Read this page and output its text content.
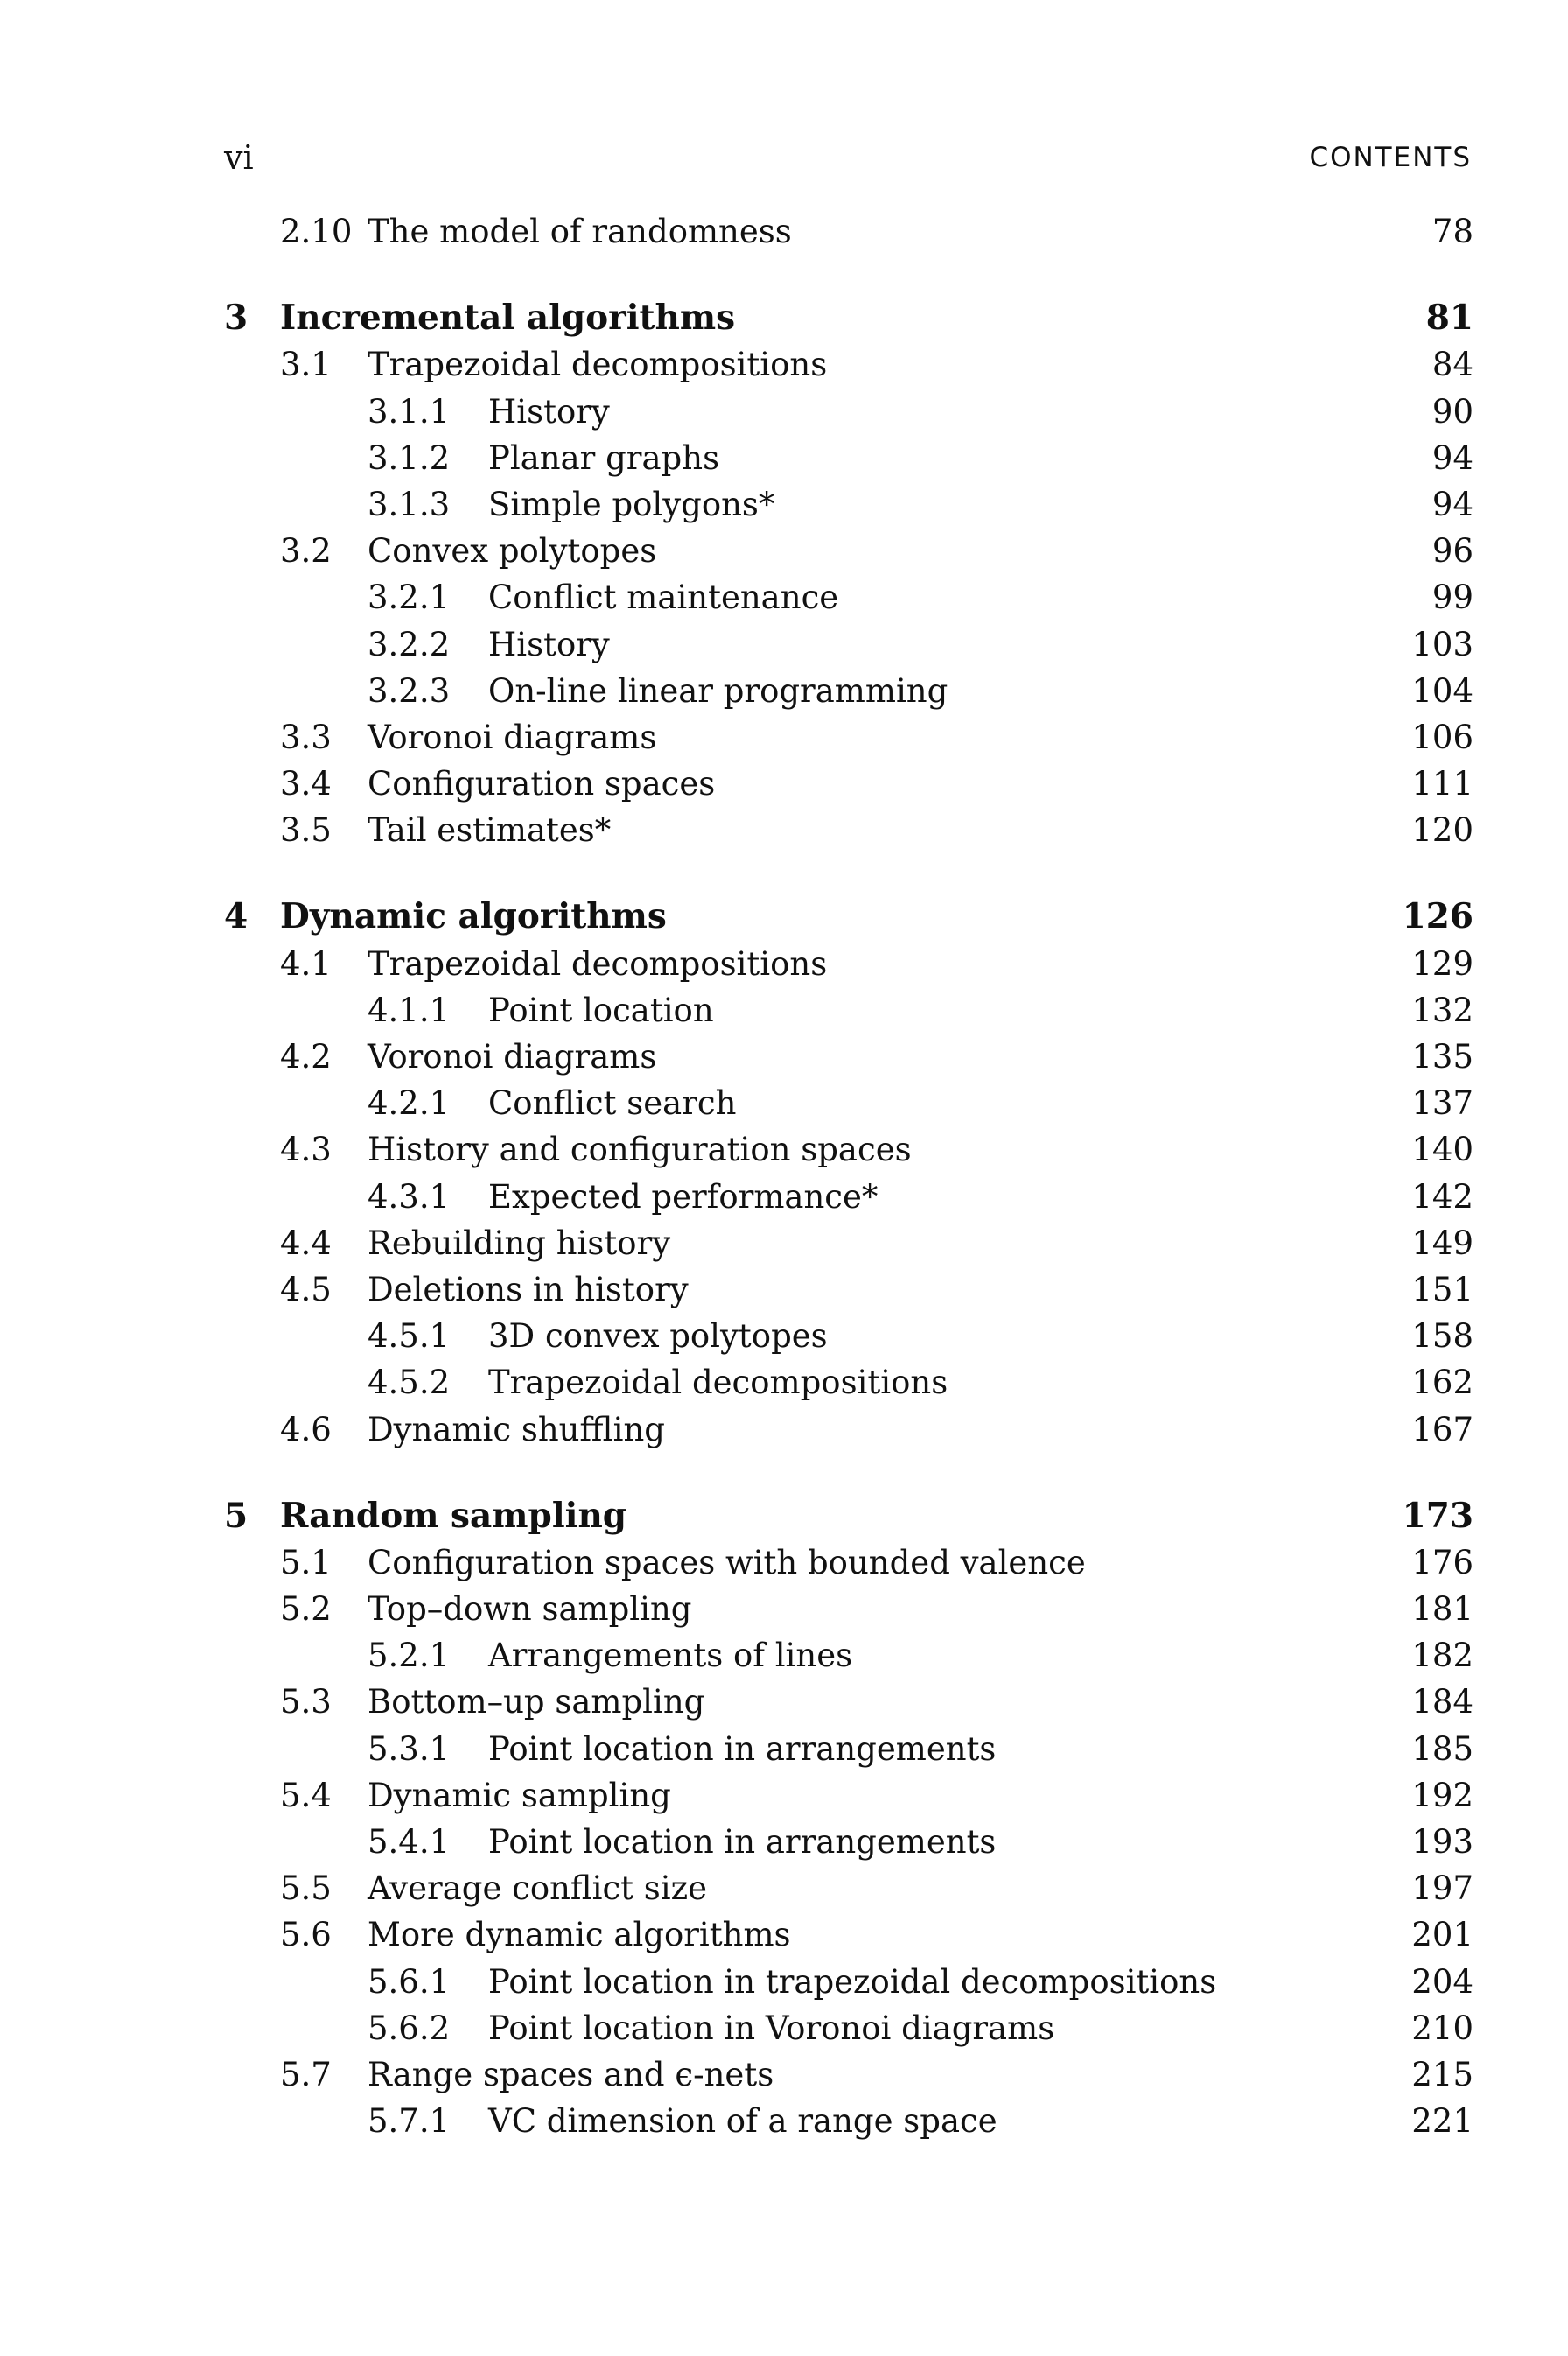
vi	CONTENTS
2.10 The model of randomness	78
3 Incremental algorithms	81
3.1 Trapezoidal decompositions	84
3.1.1 History	90
3.1.2 Planar graphs	94
3.1.3 Simple polygons*	94
3.2 Convex polytopes	96
3.2.1 Conflict maintenance	99
3.2.2 History	103
3.2.3 On-line linear programming	104
3.3 Voronoi diagrams	106
3.4 Configuration spaces	111
3.5 Tail estimates*	120
4 Dynamic algorithms	126
4.1 Trapezoidal decompositions	129
4.1.1 Point location	132
4.2 Voronoi diagrams	135
4.2.1 Conflict search	137
4.3 History and configuration spaces	140
4.3.1 Expected performance*	142
4.4 Rebuilding history	149
4.5 Deletions in history	151
4.5.1 3D convex polytopes	158
4.5.2 Trapezoidal decompositions	162
4.6 Dynamic shuffling	167
5 Random sampling	173
5.1 Configuration spaces with bounded valence	176
5.2 Top–down sampling	181
5.2.1 Arrangements of lines	182
5.3 Bottom–up sampling	184
5.3.1 Point location in arrangements	185
5.4 Dynamic sampling	192
5.4.1 Point location in arrangements	193
5.5 Average conflict size	197
5.6 More dynamic algorithms	201
5.6.1 Point location in trapezoidal decompositions	204
5.6.2 Point location in Voronoi diagrams	210
5.7 Range spaces and ϵ-nets	215
5.7.1 VC dimension of a range space	221
